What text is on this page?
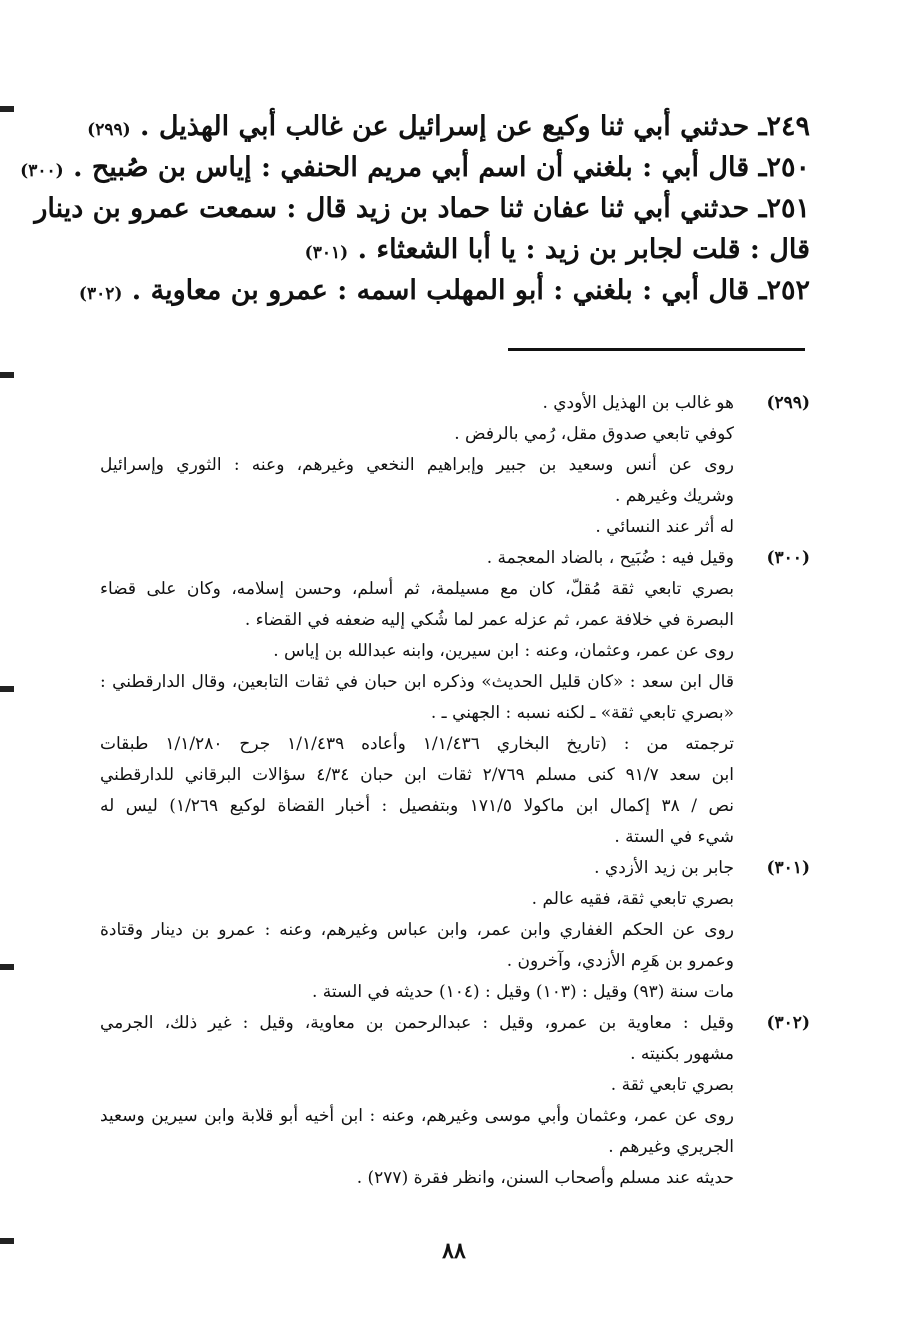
٢٤٩ـ حدثني أبي ثنا وكيع عن إسرائيل عن غالب أبي الهذيل . (٢٩٩)
٢٥٠ـ قال أبي : بلغني أن اسم أبي مريم الحنفي : إياس بن صُبيح . (٣٠٠)
٢٥١ـ حدثني أبي ثنا عفان ثنا حماد بن زيد قال : سمعت عمرو بن دينار
قال : قلت لجابر بن زيد : يا أبا الشعثاء . (٣٠١)
٢٥٢ـ قال أبي : بلغني : أبو المهلب اسمه : عمرو بن معاوية . (٣٠٢)
(٢٩٩)
هو غالب بن الهذيل الأودي .
كوفي تابعي صدوق مقل، رُمي بالرفض .
روى عن أنس وسعيد بن جبير وإبراهيم النخعي وغيرهم، وعنه : الثوري وإسرائيل
وشريك وغيرهم .
له أثر عند النسائي .
(٣٠٠)
وقيل فيه : ضُبَيح ، بالضاد المعجمة .
بصري تابعي ثقة مُقلّ، كان مع مسيلمة، ثم أسلم، وحسن إسلامه، وكان على قضاء
البصرة في خلافة عمر، ثم عزله عمر لما شُكي إليه ضعفه في القضاء .
روى عن عمر، وعثمان، وعنه : ابن سيرين، وابنه عبدالله بن إياس .
قال ابن سعد : «كان قليل الحديث» وذكره ابن حبان في ثقات التابعين، وقال الدارقطني :
«بصري تابعي ثقة» ـ لكنه نسبه : الجهني ـ .
ترجمته من : (تاريخ البخاري ١/١/٤٣٦ وأعاده ١/١/٤٣٩ جرح ١/١/٢٨٠ طبقات
ابن سعد ٩١/٧ كنى مسلم ٢/٧٦٩ ثقات ابن حبان ٤/٣٤ سؤالات البرقاني للدارقطني
نص / ٣٨ إكمال ابن ماكولا ١٧١/٥ وبتفصيل : أخبار القضاة لوكيع ١/٢٦٩) ليس له
شيء في الستة .
(٣٠١)
جابر بن زيد الأزدي .
بصري تابعي ثقة، فقيه عالم .
روى عن الحكم الغفاري وابن عمر، وابن عباس وغيرهم، وعنه : عمرو بن دينار وقتادة
وعمرو بن هَرِم الأزدي، وآخرون .
مات سنة (٩٣) وقيل : (١٠٣) وقيل : (١٠٤) حديثه في الستة .
(٣٠٢)
وقيل : معاوية بن عمرو، وقيل : عبدالرحمن بن معاوية، وقيل : غير ذلك، الجرمي
مشهور بكنيته .
بصري تابعي ثقة .
روى عن عمر، وعثمان وأبي موسى وغيرهم، وعنه : ابن أخيه أبو قلابة وابن سيرين وسعيد
الجريري وغيرهم .
حديثه عند مسلم وأصحاب السنن، وانظر فقرة (٢٧٧) .
٨٨
